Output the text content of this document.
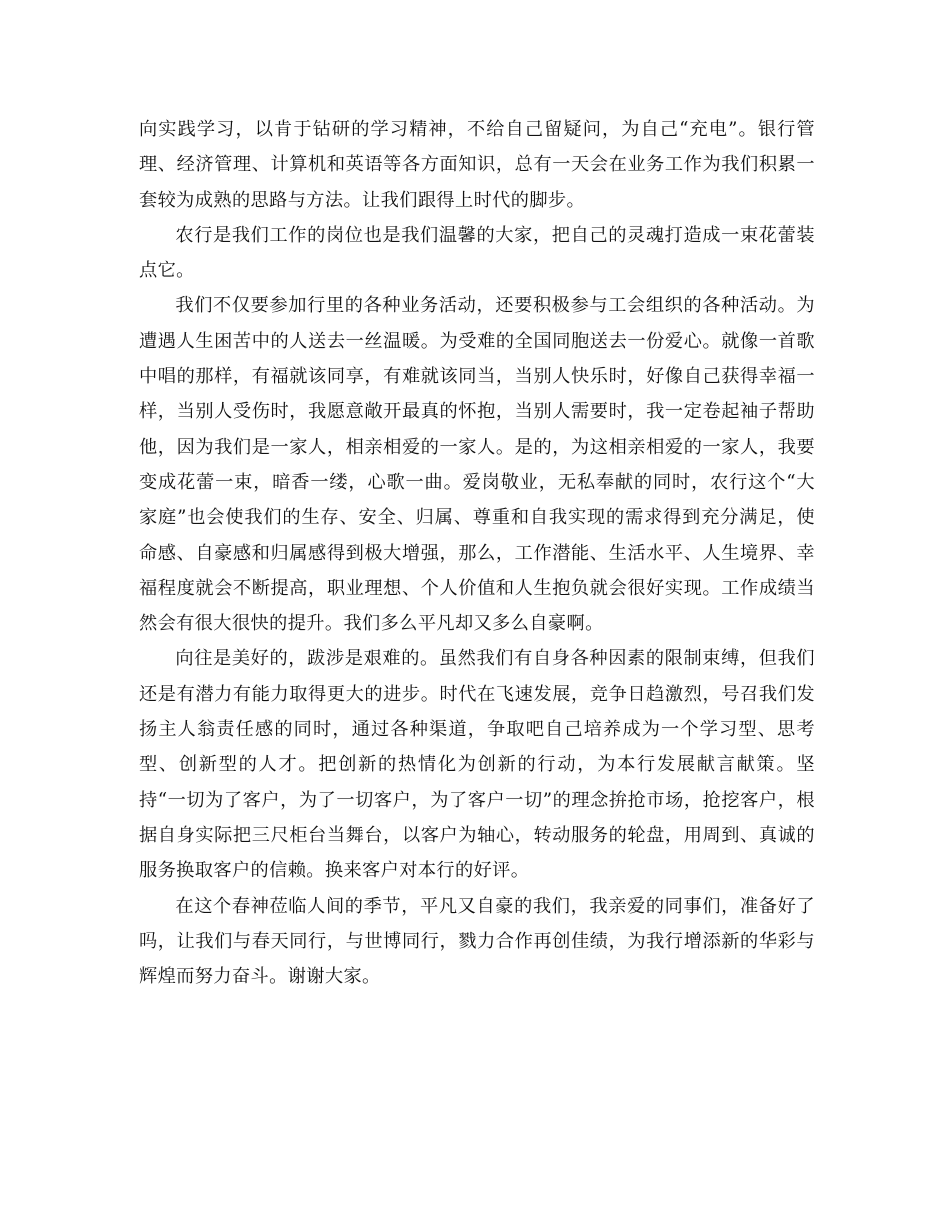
向实践学习，以肯于钻研的学习精神，不给自己留疑问，为自己“充电”。银行管理、经济管理、计算机和英语等各方面知识，总有一天会在业务工作为我们积累一套较为成熟的思路与方法。让我们跟得上时代的脚步。

农行是我们工作的岗位也是我们温馨的大家，把自己的灵魂打造成一束花蕾装点它。

我们不仅要参加行里的各种业务活动，还要积极参与工会组织的各种活动。为遭遇人生困苦中的人送去一丝温暖。为受难的全国同胞送去一份爱心。就像一首歌中唱的那样，有福就该同享，有难就该同当，当别人快乐时，好像自己获得幸福一样，当别人受伤时，我愿意敞开最真的怀抱，当别人需要时，我一定卷起袖子帮助他，因为我们是一家人，相亲相爱的一家人。是的，为这相亲相爱的一家人，我要变成花蕾一束，暗香一缕，心歌一曲。爱岗敬业，无私奉献的同时，农行这个“大家庭”也会使我们的生存、安全、归属、尊重和自我实现的需求得到充分满足，使命感、自豪感和归属感得到极大增强，那么，工作潜能、生活水平、人生境界、幸福程度就会不断提高，职业理想、个人价值和人生抱负就会很好实现。工作成绩当然会有很大很快的提升。我们多么平凡却又多么自豪啊。

向往是美好的，跋涉是艰难的。虽然我们有自身各种因素的限制束缚，但我们还是有潜力有能力取得更大的进步。时代在飞速发展，竞争日趋激烈，号召我们发扬主人翁责任感的同时，通过各种渠道，争取吧自己培养成为一个学习型、思考型、创新型的人才。把创新的热情化为创新的行动，为本行发展献言献策。坚持“一切为了客户，为了一切客户，为了客户一切”的理念拚抢市场，抢挖客户，根据自身实际把三尺柜台当舞台，以客户为轴心，转动服务的轮盘，用周到、真诚的服务换取客户的信赖。换来客户对本行的好评。

在这个春神莅临人间的季节，平凡又自豪的我们，我亲爱的同事们，准备好了吗，让我们与春天同行，与世博同行，戮力合作再创佳绩，为我行增添新的华彩与辉煌而努力奋斗。谢谢大家。
